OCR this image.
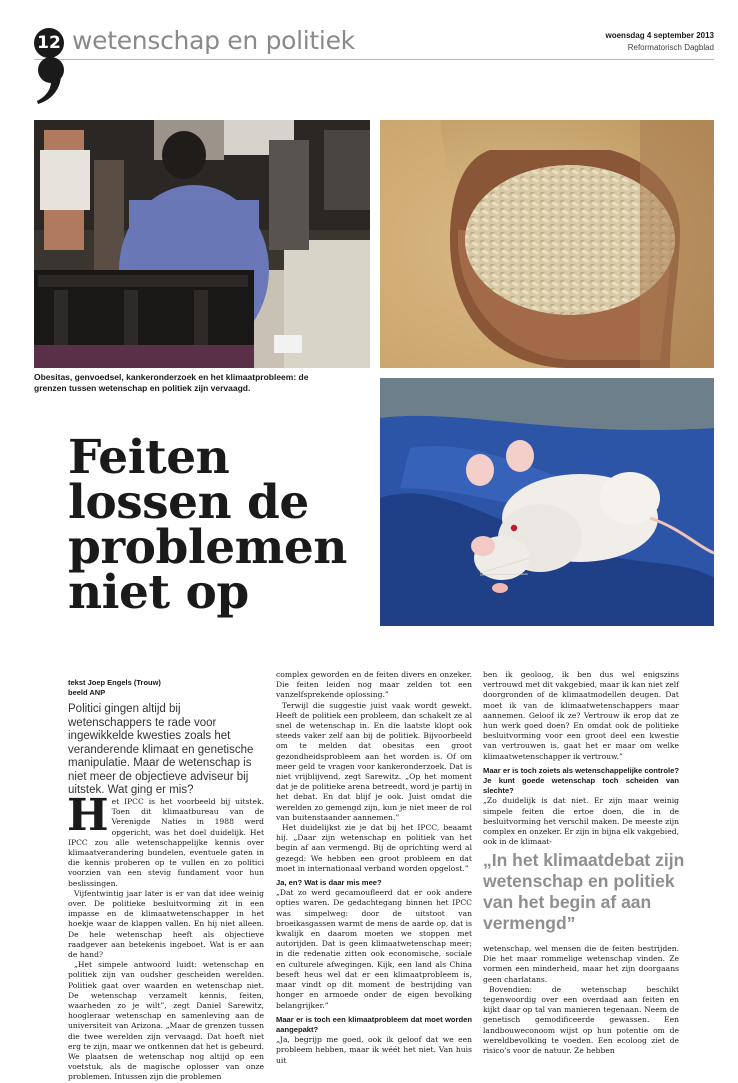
12 wetenschap en politiek	woensdag 4 september 2013
Reformatorisch Dagblad
Obesitas, genvoedsel, kankeronderzoek en het klimaatprobleem: de grenzen tussen wetenschap en politiek zijn vervaagd.
Feiten lossen de problemen niet op
tekst Joep Engels (Trouw)
beeld ANP
Politici gingen altijd bij wetenschappers te rade voor ingewikkelde kwesties zoals het veranderende klimaat en genetische manipulatie. Maar de wetenschap is niet meer de objectieve adviseur bij uitstek. Wat ging er mis?

Het IPCC is het voorbeeld bij uitstek. Toen dit klimaatbureau van de Verenigde Naties in 1988 werd opgericht, was het doel duidelijk. Het IPCC zou alle wetenschappelijke kennis over klimaatverandering bundelen, eventuele gaten in die kennis proberen op te vullen en zo politici voorzien van een stevig fundament voor hun beslissingen.

Vijfentwintig jaar later is er van dat idee weinig over. De politieke besluitvorming zit in een impasse en de klimaatwetenschapper in het hoekje waar de klappen vallen. En hij niet alleen. De hele wetenschap heeft als objectieve raadgever aan betekenis ingeboet. Wat is er aan de hand?

„Het simpele antwoord luidt: wetenschap en politiek zijn van oudsher gescheiden werelden. Politiek gaat over waarden en wetenschap niet. De wetenschap verzamelt kennis, feiten, waarheden zo je wilt”, zegt Daniel Sarewitz, hoogleraar wetenschap en samenleving aan de universiteit van Arizona. „Maar de grenzen tussen die twee werelden zijn vervaagd. Dat hoeft niet erg te zijn, maar we ontkennen dat het is gebeurd. We plaatsen de wetenschap nog altijd op een voetstuk, als de magische oplosser van onze problemen. Intussen zijn die problemen

complex geworden en de feiten divers en onzeker. Die feiten leiden nog maar zelden tot een vanzelfsprekende oplossing.”

Terwijl die suggestie juist vaak wordt gewekt. Heeft de politiek een probleem, dan schakelt ze al snel de wetenschap in. En die laatste klopt ook steeds vaker zelf aan bij de politiek. Bijvoorbeeld om te melden dat obesitas een groot gezondheidsprobleem aan het worden is. Of om meer geld te vragen voor kankeronderzoek. Dat is niet vrijblijvend, zegt Sarewitz. „Op het moment dat je de politieke arena betreedt, word je partij in het debat. En dat blijf je ook. Juist omdat die werelden zo gemengd zijn, kun je niet meer de rol van buitenstaander aannemen.”

Het duidelijkst zie je dat bij het IPCC, beaamt hij. „Daar zijn wetenschap en politiek van het begin af aan vermengd. Bij de oprichting werd al gezegd: We hebben een groot probleem en dat moet in internationaal verband worden opgelost.”

Ja, en? Wat is daar mis mee?

„Dat zo werd gecamoufleerd dat er ook andere opties waren. De gedachtegang binnen het IPCC was simpelweg: door de uitstoot van broeikasgassen warmt de mens de aarde op, dat is kwalijk en daarom moeten we stoppen met autorijden. Dat is geen klimaatwetenschap meer; in die redenatie zitten ook economische, sociale en culturele afwegingen. Kijk, een land als China beseft heus wel dat er een klimaatprobleem is, maar vindt op dit moment de bestrijding van honger en armoede onder de eigen bevolking belangrijker.”

Maar er is toch een klimaatprobleem dat moet worden aangepakt?

„Ja, begrijp me goed, ook ik geloof dat we een probleem hebben, maar ik wéét het niet. Van huis uit

ben ik geoloog, ik ben dus wel enigszins vertrouwd met dit vakgebied, maar ik kan niet zelf doorgronden of de klimaatmodellen deugen. Dat moet ik van de klimaatwetenschappers maar aannemen. Geloof ik ze? Vertrouw ik erop dat ze hun werk goed doen? En omdat ook de politieke besluitvorming voor een groot deel een kwestie van vertrouwen is, gaat het er maar om welke klimaatwetenschapper ik vertrouw.”

Maar er is toch zoiets als wetenschappelijke controle? Je kunt goede wetenschap toch scheiden van slechte?

„Zo duidelijk is dat niet. Er zijn maar weinig simpele feiten die ertoe doen, die in de besluitvorming het verschil maken. De meeste zijn complex en onzeker. Er zijn in bijna elk vakgebied, ook in de klimaat-

„In het klimaatdebat zijn wetenschap en politiek van het begin af aan vermengd”

wetenschap, wel mensen die de feiten bestrijden. Die het maar rommelige wetenschap vinden. Ze vormen een minderheid, maar het zijn doorgaans geen charlatans.

Bovendien: de wetenschap beschikt tegenwoordig over een overdaad aan feiten en kijkt daar op tal van manieren tegenaan. Neem de genetisch gemodificeerde gewassen. Een landbouweconoom wijst op hun potentie om de wereldbevolking te voeden. Een ecoloog ziet de risico’s voor de natuur. Ze hebben
